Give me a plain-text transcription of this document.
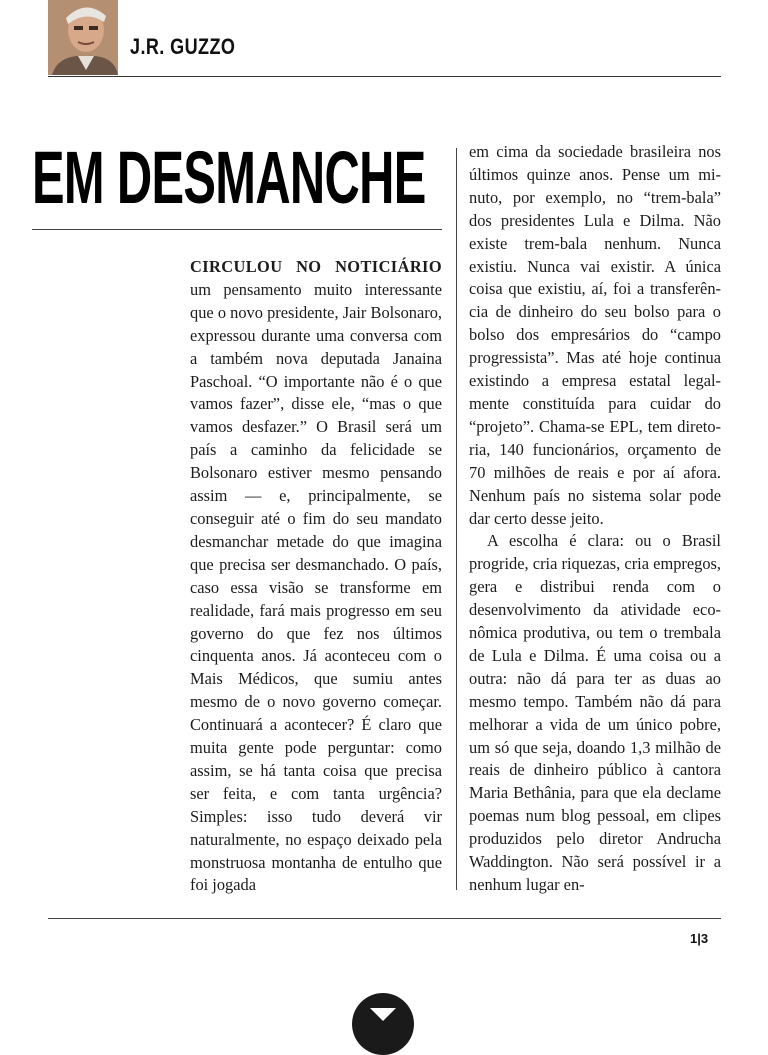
J.R. GUZZO
EM DESMANCHE

CIRCULOU NO NOTICIÁRIO um pensamento muito interessante que o novo presidente, Jair Bolsonaro, expressou durante uma conversa com a também nova deputada Janaina Paschoal. “O importante não é o que vamos fazer”, disse ele, “mas o que vamos desfazer.” O Brasil será um país a caminho da felicidade se Bolsonaro estiver mesmo pensando assim — e, principalmente, se conseguir até o fim do seu mandato desmanchar metade do que imagina que precisa ser desmanchado. O país, caso essa visão se transforme em realidade, fará mais progresso em seu governo do que fez nos últimos cinquenta anos. Já aconteceu com o Mais Médicos, que sumiu antes mesmo de o novo governo começar. Continuará a acontecer? É claro que muita gente pode perguntar: como assim, se há tanta coisa que precisa ser feita, e com tanta urgência? Simples: isso tudo deverá vir naturalmente, no espaço deixado pela monstruosa montanha de entulho que foi jogada

em cima da sociedade brasileira nos últimos quinze anos. Pense um minuto, por exemplo, no “trem-bala” dos presidentes Lula e Dilma. Não existe trem-bala nenhum. Nunca existiu. Nunca vai existir. A única coisa que existiu, aí, foi a transferência de dinheiro do seu bolso para o bolso dos empresários do “campo progressista”. Mas até hoje continua existindo a empresa estatal legalmente constituída para cuidar do “projeto”. Chama-se EPL, tem diretoria, 140 funcionários, orçamento de 70 milhões de reais e por aí afora. Nenhum país no sistema solar pode dar certo desse jeito.

A escolha é clara: ou o Brasil progride, cria riquezas, cria empregos, gera e distribui renda com o desenvolvimento da atividade econômica produtiva, ou tem o trembala de Lula e Dilma. É uma coisa ou a outra: não dá para ter as duas ao mesmo tempo. Também não dá para melhorar a vida de um único pobre, um só que seja, doando 1,3 milhão de reais de dinheiro público à cantora Maria Bethânia, para que ela declame poemas num blog pessoal, em clipes produzidos pelo diretor Andrucha Waddington. Não será possível ir a nenhum lugar en-

1|3
